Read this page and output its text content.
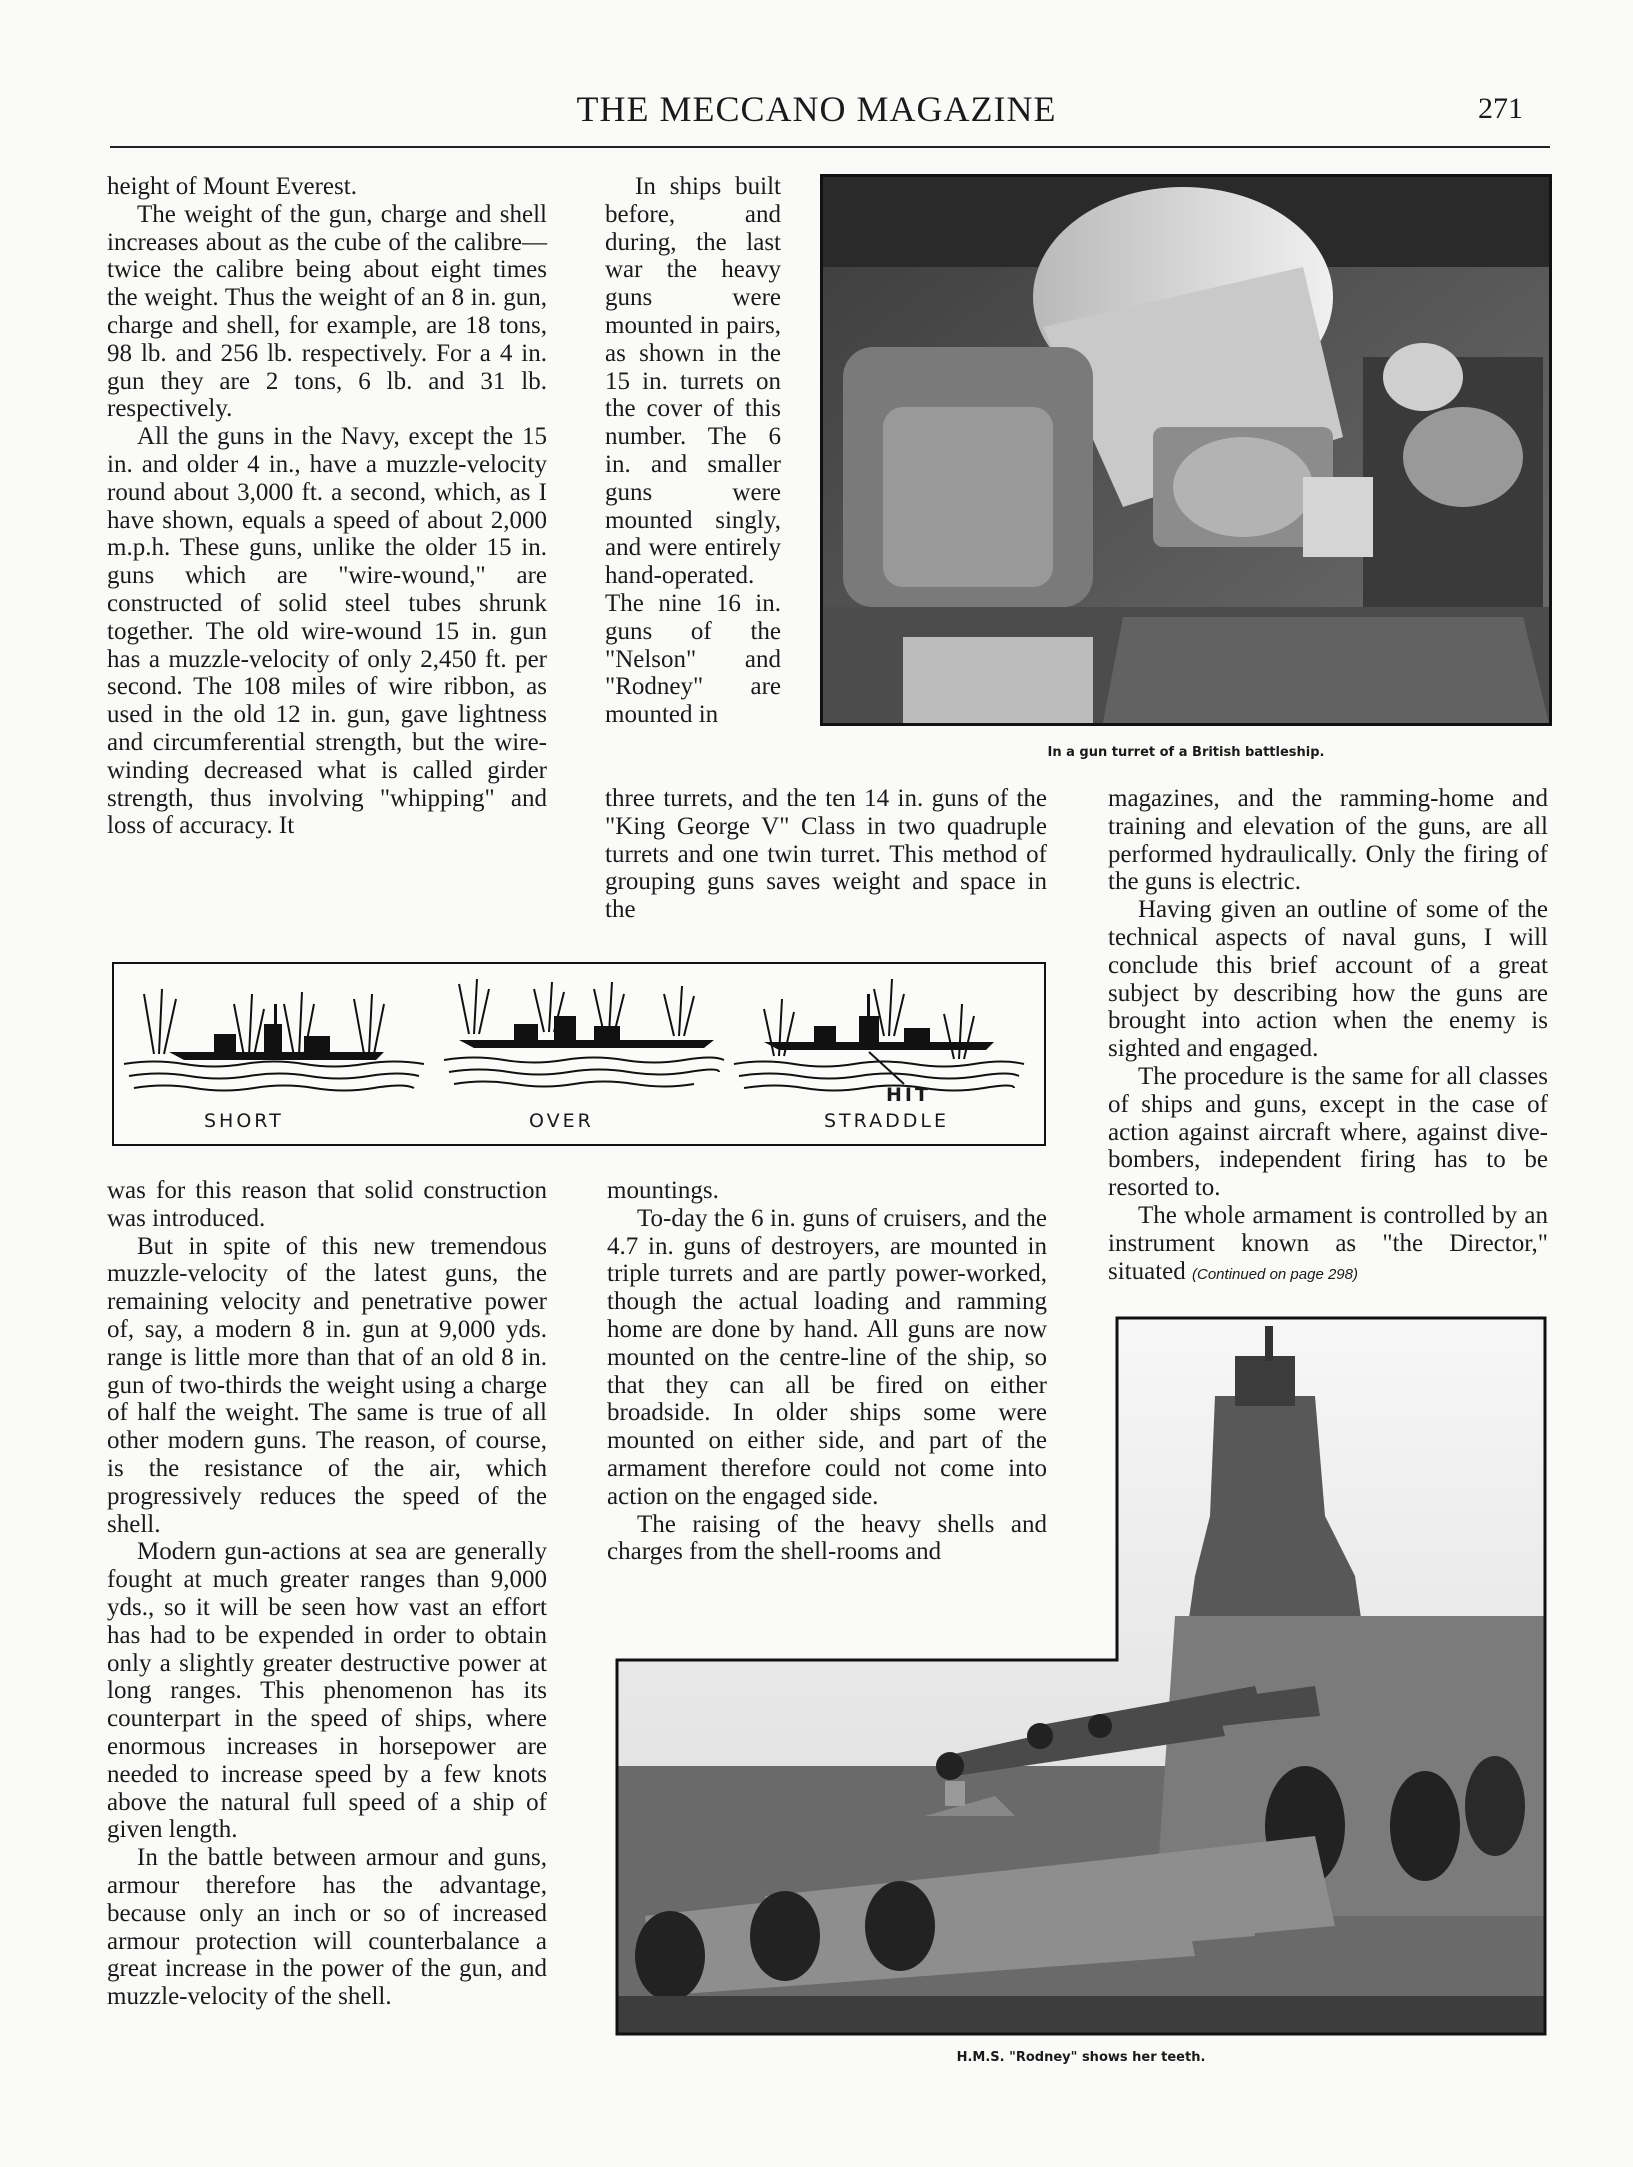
THE MECCANO MAGAZINE	271

height of Mount Everest.

The weight of the gun, charge and shell increases about as the cube of the calibre—twice the calibre being about eight times the weight. Thus the weight of an 8 in. gun, charge and shell, for example, are 18 tons, 98 lb. and 256 lb. respectively. For a 4 in. gun they are 2 tons, 6 lb. and 31 lb. respectively.

All the guns in the Navy, except the 15 in. and older 4 in., have a muzzle-velocity round about 3,000 ft. a second, which, as I have shown, equals a speed of about 2,000 m.p.h. These guns, unlike the older 15 in. guns which are "wire-wound," are constructed of solid steel tubes shrunk together. The old wire-wound 15 in. gun has a muzzle-velocity of only 2,450 ft. per second. The 108 miles of wire ribbon, as used in the old 12 in. gun, gave lightness and circumferential strength, but the wire-winding decreased what is called girder strength, thus involving "whipping" and loss of accuracy. It

In ships built before, and during, the last war the heavy guns were mounted in pairs, as shown in the 15 in. turrets on the cover of this number. The 6 in. and smaller guns were mounted singly, and were entirely hand-operated. The nine 16 in. guns of the "Nelson" and "Rodney" are mounted in

three turrets, and the ten 14 in. guns of the "King George V" Class in two quadruple turrets and one twin turret. This method of grouping guns saves weight and space in the

In a gun turret of a British battleship.

magazines, and the ramming-home and training and elevation of the guns, are all performed hydraulically. Only the firing of the guns is electric.

Having given an outline of some of the technical aspects of naval guns, I will conclude this brief account of a great subject by describing how the guns are brought into action when the enemy is sighted and engaged.

The procedure is the same for all classes of ships and guns, except in the case of action against aircraft where, against dive-bombers, independent firing has to be resorted to.

The whole armament is controlled by an instrument known as "the Director," situated (Continued on page 298)

SHORT	OVER
HIT
STRADDLE

was for this reason that solid construction was introduced.

But in spite of this new tremendous muzzle-velocity of the latest guns, the remaining velocity and penetrative power of, say, a modern 8 in. gun at 9,000 yds. range is little more than that of an old 8 in. gun of two-thirds the weight using a charge of half the weight. The same is true of all other modern guns. The reason, of course, is the resistance of the air, which progressively reduces the speed of the shell.

Modern gun-actions at sea are generally fought at much greater ranges than 9,000 yds., so it will be seen how vast an effort has had to be expended in order to obtain only a slightly greater destructive power at long ranges. This phenomenon has its counterpart in the speed of ships, where enormous increases in horsepower are needed to increase speed by a few knots above the natural full speed of a ship of given length.

In the battle between armour and guns, armour therefore has the advantage, because only an inch or so of increased armour protection will counterbalance a great increase in the power of the gun, and muzzle-velocity of the shell.

mountings.

To-day the 6 in. guns of cruisers, and the 4.7 in. guns of destroyers, are mounted in triple turrets and are partly power-worked, though the actual loading and ramming home are done by hand. All guns are now mounted on the centre-line of the ship, so that they can all be fired on either broadside. In older ships some were mounted on either side, and part of the armament therefore could not come into action on the engaged side.

The raising of the heavy shells and charges from the shell-rooms and

H.M.S. "Rodney" shows her teeth.
